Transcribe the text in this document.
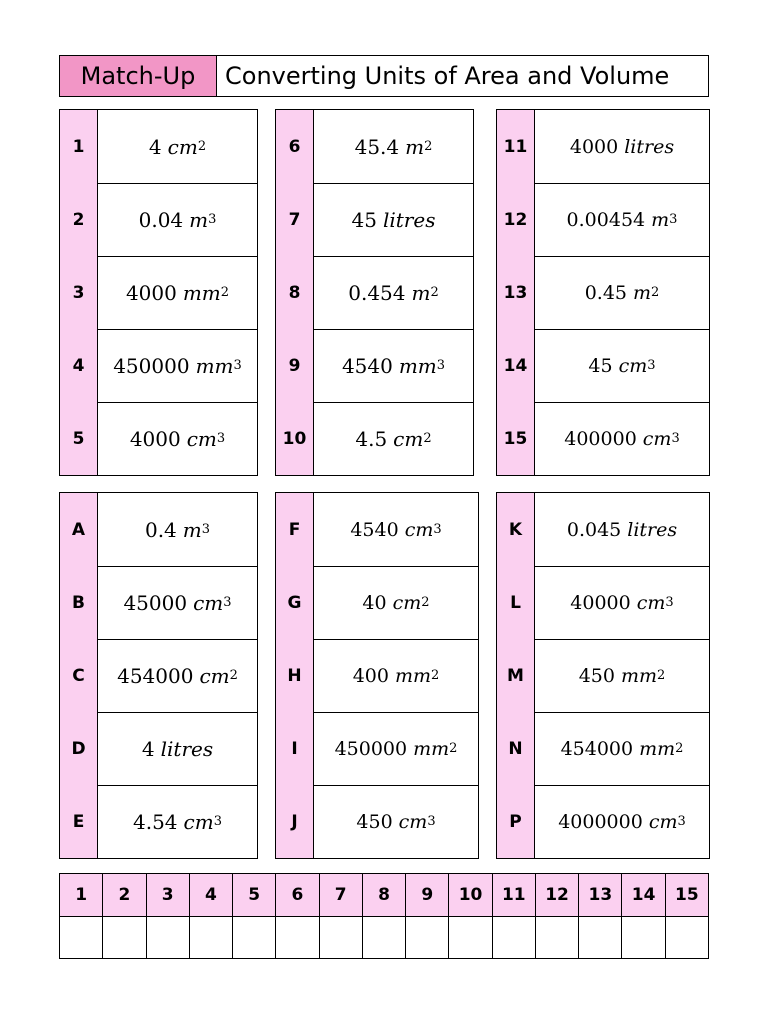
Match-Up	Converting Units of Area and Volume
1	4 cm 2
2	0.04 m 3
3	4000 mm 2
4	450000 mm 3
5	4000 cm 3
6	45.4 m 2
7	45 litres
8	0.454 m 2
9	4540 mm 3
10	4.5 cm 2
11	4000 litres
12	0.00454 m 3
13	0.45 m 2
14	45 cm 3
15	400000 cm 3
A	0.4 m 3
B	45000 cm 3
C	454000 cm 2
D	4 litres
E	4.54 cm 3
F	4540 cm 3
G	40 cm 2
H	400 mm 2
I	450000 mm 2
J	450 cm 3
K	0.045 litres
L	40000 cm 3
M	450 mm 2
N	454000 mm 2
P	4000000 cm 3
1	2	3	4	5	6	7	8	9	10	11	12	13	14	15
